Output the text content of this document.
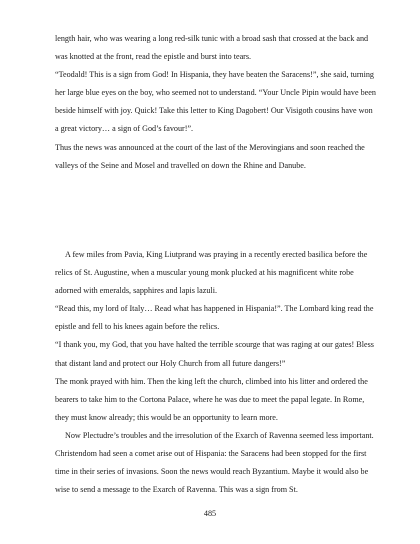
length hair, who was wearing a long red-silk tunic with a broad sash that crossed at the back and was knotted at the front, read the epistle and burst into tears.

“Teodald! This is a sign from God! In Hispania, they have beaten the Saracens!”, she said, turning her large blue eyes on the boy, who seemed not to understand. “Your Uncle Pipin would have been beside himself with joy. Quick! Take this letter to King Dagobert! Our Visigoth cousins have won a great victory… a sign of God’s favour!”.

Thus the news was announced at the court of the last of the Merovingians and soon reached the valleys of the Seine and Mosel and travelled on down the Rhine and Danube.

A few miles from Pavia, King Liutprand was praying in a recently erected basilica before the relics of St. Augustine, when a muscular young monk plucked at his magnificent white robe adorned with emeralds, sapphires and lapis lazuli.

“Read this, my lord of Italy… Read what has happened in Hispania!”. The Lombard king read the epistle and fell to his knees again before the relics.

“I thank you, my God, that you have halted the terrible scourge that was raging at our gates! Bless that distant land and protect our Holy Church from all future dangers!”

The monk prayed with him. Then the king left the church, climbed into his litter and ordered the bearers to take him to the Cortona Palace, where he was due to meet the papal legate. In Rome, they must know already; this would be an opportunity to learn more.

Now Plectudre’s troubles and the irresolution of the Exarch of Ravenna seemed less important. Christendom had seen a comet arise out of Hispania: the Saracens had been stopped for the first time in their series of invasions. Soon the news would reach Byzantium. Maybe it would also be wise to send a message to the Exarch of Ravenna. This was a sign from St.

485
